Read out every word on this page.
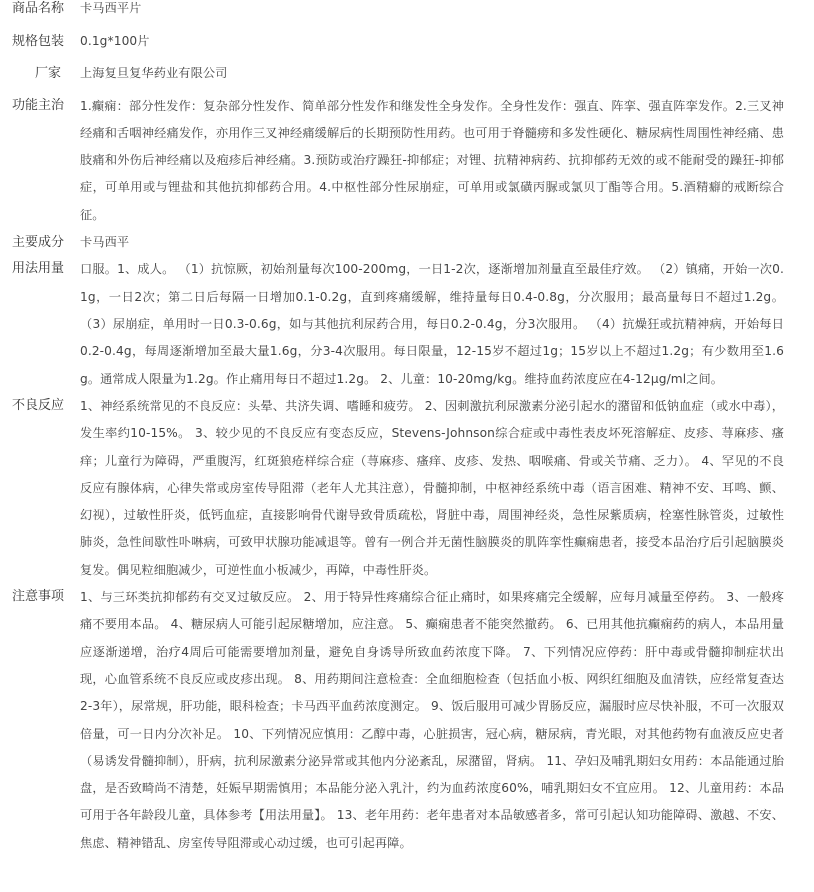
商品名称	卡马西平片
规格包装	0.1g*100片
厂家	上海复旦复华药业有限公司
功能主治	1.癫痫：部分性发作：复杂部分性发作、简单部分性发作和继发性全身发作。全身性发作：强直、阵挛、强直阵挛发作。2.三叉神经痛和舌咽神经痛发作，亦用作三叉神经痛缓解后的长期预防性用药。也可用于脊髓痨和多发性硬化、糖尿病性周围性神经痛、患肢痛和外伤后神经痛以及疱疹后神经痛。3.预防或治疗躁狂-抑郁症；对锂、抗精神病药、抗抑郁药无效的或不能耐受的躁狂-抑郁症，可单用或与锂盐和其他抗抑郁药合用。4.中枢性部分性尿崩症，可单用或氯磺丙脲或氯贝丁酯等合用。5.酒精癖的戒断综合征。
主要成分	卡马西平
用法用量	口服。1、成人。 （1）抗惊厥，初始剂量每次100-200mg，一日1-2次，逐渐增加剂量直至最佳疗效。 （2）镇痛，开始一次0.1g，一日2次；第二日后每隔一日增加0.1-0.2g，直到疼痛缓解，维持量每日0.4-0.8g，分次服用；最高量每日不超过1.2g。 （3）尿崩症，单用时一日0.3-0.6g，如与其他抗利尿药合用，每日0.2-0.4g，分3次服用。 （4）抗燥狂或抗精神病，开始每日0.2-0.4g，每周逐渐增加至最大量1.6g，分3-4次服用。每日限量，12-15岁不超过1g；15岁以上不超过1.2g；有少数用至1.6g。通常成人限量为1.2g。作止痛用每日不超过1.2g。 2、儿童：10-20mg/kg。维持血药浓度应在4-12μg/ml之间。
不良反应	1、神经系统常见的不良反应：头晕、共济失调、嗜睡和疲劳。 2、因刺激抗利尿激素分泌引起水的潴留和低钠血症（或水中毒），发生率约10-15%。 3、较少见的不良反应有变态反应，Stevens-Johnson综合症或中毒性表皮坏死溶解症、皮疹、荨麻疹、瘙痒；儿童行为障碍，严重腹泻，红斑狼疮样综合症（荨麻疹、瘙痒、皮疹、发热、咽喉痛、骨或关节痛、乏力）。 4、罕见的不良反应有腺体病，心律失常或房室传导阻滞（老年人尤其注意），骨髓抑制，中枢神经系统中毒（语言困难、精神不安、耳鸣、颤、幻视），过敏性肝炎，低钙血症，直接影响骨代谢导致骨质疏松，肾脏中毒，周围神经炎，急性尿紫质病，栓塞性脉管炎，过敏性肺炎，急性间歇性卟啉病，可致甲状腺功能减退等。曾有一例合并无菌性脑膜炎的肌阵挛性癫痫患者，接受本品治疗后引起脑膜炎复发。偶见粒细胞减少，可逆性血小板减少，再障，中毒性肝炎。
注意事项	1、与三环类抗抑郁药有交叉过敏反应。 2、用于特异性疼痛综合征止痛时，如果疼痛完全缓解，应每月减量至停药。 3、一般疼痛不要用本品。 4、糖尿病人可能引起尿糖增加，应注意。 5、癫痫患者不能突然撤药。 6、已用其他抗癫痫药的病人，本品用量应逐渐递增，治疗4周后可能需要增加剂量，避免自身诱导所致血药浓度下降。 7、下列情况应停药：肝中毒或骨髓抑制症状出现，心血管系统不良反应或皮疹出现。 8、用药期间注意检查：全血细胞检查（包括血小板、网织红细胞及血清铁，应经常复查达2-3年），尿常规，肝功能，眼科检查；卡马西平血药浓度测定。 9、饭后服用可减少胃肠反应，漏服时应尽快补服，不可一次服双倍量，可一日内分次补足。 10、下列情况应慎用：乙醇中毒，心脏损害，冠心病，糖尿病，青光眼，对其他药物有血液反应史者（易诱发骨髓抑制），肝病，抗利尿激素分泌异常或其他内分泌紊乱，尿潴留，肾病。 11、孕妇及哺乳期妇女用药：本品能通过胎盘，是否致畸尚不清楚，妊娠早期需慎用；本品能分泌入乳汁，约为血药浓度60%，哺乳期妇女不宜应用。 12、儿童用药：本品可用于各年龄段儿童，具体参考【用法用量】。 13、老年用药：老年患者对本品敏感者多，常可引起认知功能障碍、激越、不安、焦虑、精神错乱、房室传导阻滞或心动过缓，也可引起再障。
